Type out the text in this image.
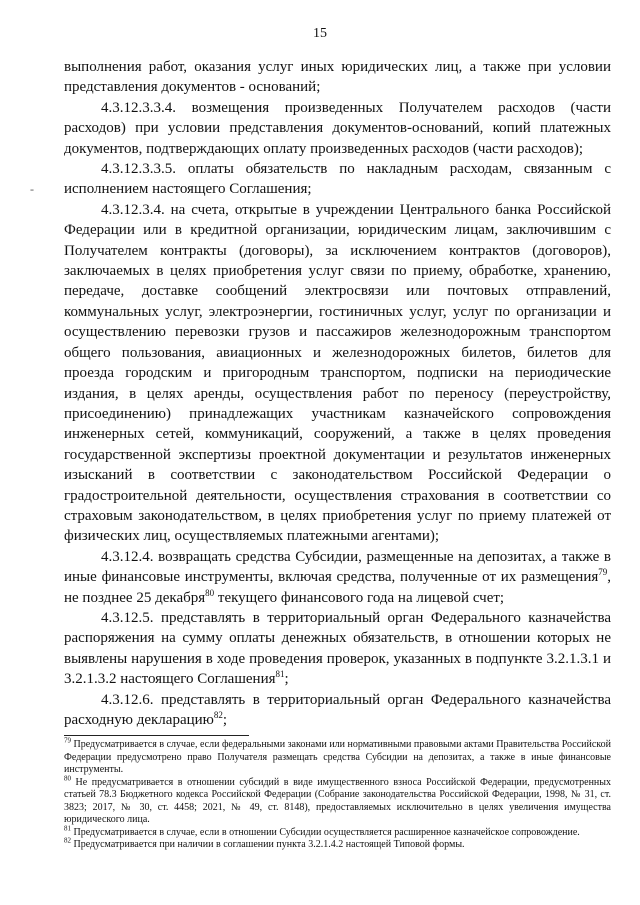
15
-

выполнения работ, оказания услуг иных юридических лиц, а также при условии представления документов - оснований;

4.3.12.3.3.4. возмещения произведенных Получателем расходов (части расходов) при условии представления документов-оснований, копий платежных документов, подтверждающих оплату произведенных расходов (части расходов);

4.3.12.3.3.5. оплаты обязательств по накладным расходам, связанным с исполнением настоящего Соглашения;

4.3.12.3.4. на счета, открытые в учреждении Центрального банка Российской Федерации или в кредитной организации, юридическим лицам, заключившим с Получателем контракты (договоры), за исключением контрактов (договоров), заключаемых в целях приобретения услуг связи по приему, обработке, хранению, передаче, доставке сообщений электросвязи или почтовых отправлений, коммунальных услуг, электроэнергии, гостиничных услуг, услуг по организации и осуществлению перевозки грузов и пассажиров железнодорожным транспортом общего пользования, авиационных и железнодорожных билетов, билетов для проезда городским и пригородным транспортом, подписки на периодические издания, в целях аренды, осуществления работ по переносу (переустройству, присоединению) принадлежащих участникам казначейского сопровождения инженерных сетей, коммуникаций, сооружений, а также в целях проведения государственной экспертизы проектной документации и результатов инженерных изысканий в соответствии с законодательством Российской Федерации о градостроительной деятельности, осуществления страхования в соответствии со страховым законодательством, в целях приобретения услуг по приему платежей от физических лиц, осуществляемых платежными агентами);

4.3.12.4. возвращать средства Субсидии, размещенные на депозитах, а также в иные финансовые инструменты, включая средства, полученные от их размещения$^{79}$, не позднее 25 декабря$^{80}$ текущего финансового года на лицевой счет;

4.3.12.5. представлять в территориальный орган Федерального казначейства распоряжения на сумму оплаты денежных обязательств, в отношении которых не выявлены нарушения в ходе проведения проверок, указанных в подпункте 3.2.1.3.1 и 3.2.1.3.2 настоящего Соглашения$^{81}$;

4.3.12.6. представлять в территориальный орган Федерального казначейства расходную декларацию$^{82}$;

$^{79}$ Предусматривается в случае, если федеральными законами или нормативными правовыми актами Правительства Российской Федерации предусмотрено право Получателя размещать средства Субсидии на депозитах, а также в иные финансовые инструменты.

$^{80}$ Не предусматривается в отношении субсидий в виде имущественного взноса Российской Федерации, предусмотренных статьей 78.3 Бюджетного кодекса Российской Федерации (Собрание законодательства Российской Федерации, 1998, № 31, ст. 3823; 2017, № 30, ст. 4458; 2021, № 49, ст. 8148), предоставляемых исключительно в целях увеличения имущества юридического лица.

$^{81}$ Предусматривается в случае, если в отношении Субсидии осуществляется расширенное казначейское сопровождение.

$^{82}$ Предусматривается при наличии в соглашении пункта 3.2.1.4.2 настоящей Типовой формы.
